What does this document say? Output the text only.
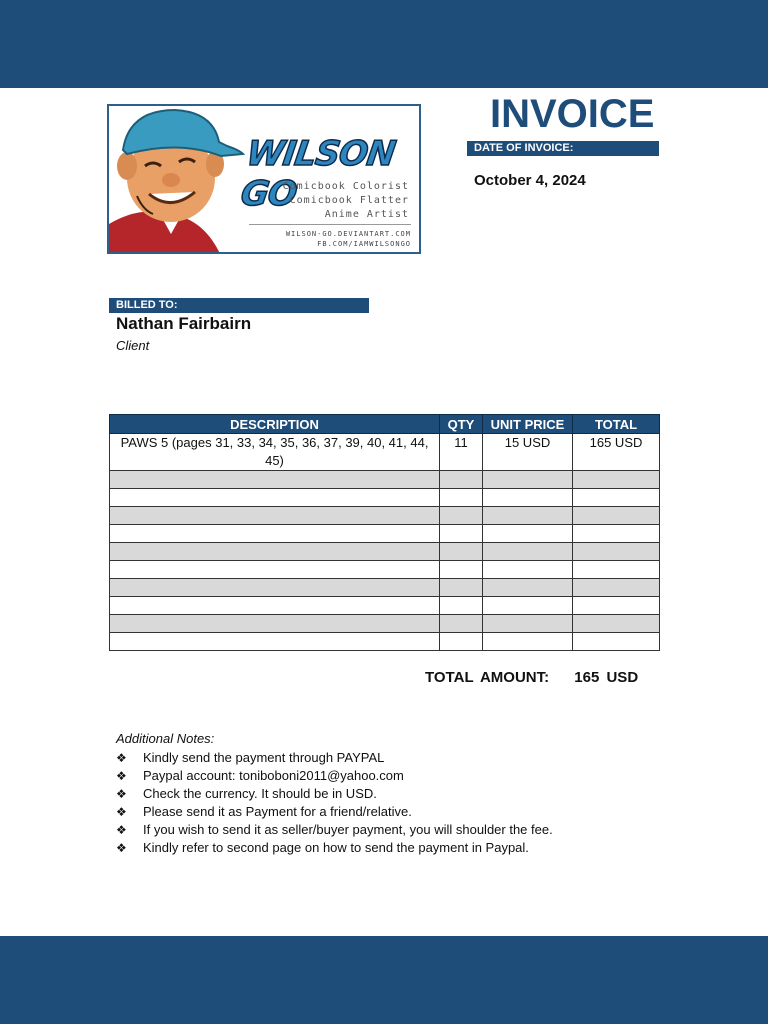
WILSON GO
Comicbook Colorist
Comicbook Flatter
Anime Artist
WILSON-GO.DEVIANTART.COM
FB.COM/IAMWILSONGO
INVOICE
DATE OF INVOICE:
October 4, 2024
BILLED TO:
Nathan Fairbairn
Client
DESCRIPTION	QTY	UNIT PRICE	TOTAL
PAWS 5 (pages 31, 33, 34, 35, 36, 37, 39, 40, 41, 44, 45)	11	15 USD	165 USD

TOTAL AMOUNT: 165 USD
Additional Notes:
❖ Kindly send the payment through PAYPAL
❖ Paypal account: toniboboni2011@yahoo.com
❖ Check the currency. It should be in USD.
❖ Please send it as Payment for a friend/relative.
❖ If you wish to send it as seller/buyer payment, you will shoulder the fee.
❖ Kindly refer to second page on how to send the payment in Paypal.
